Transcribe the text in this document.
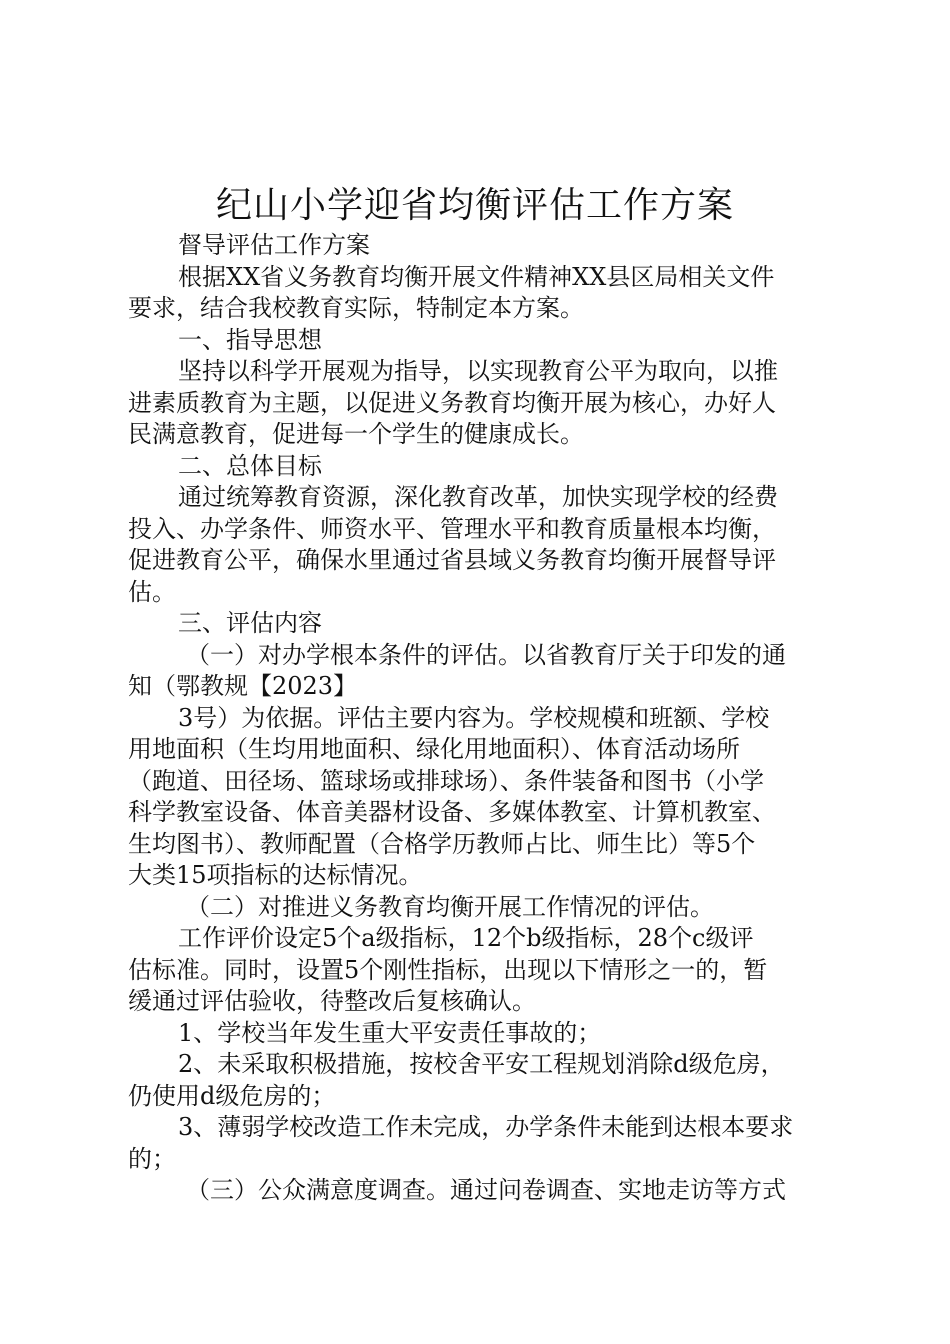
纪山小学迎省均衡评估工作方案
督导评估工作方案
根据XX省义务教育均衡开展文件精神XX县区局相关文件
要求，结合我校教育实际，特制定本方案。
一、指导思想
坚持以科学开展观为指导，以实现教育公平为取向，以推
进素质教育为主题，以促进义务教育均衡开展为核心，办好人
民满意教育，促进每一个学生的健康成长。
二、总体目标
通过统筹教育资源，深化教育改革，加快实现学校的经费
投入、办学条件、师资水平、管理水平和教育质量根本均衡，
促进教育公平，确保水里通过省县域义务教育均衡开展督导评
估。
三、评估内容
（一）对办学根本条件的评估。以省教育厅关于印发的通
知（鄂教规【2023】
3号）为依据。评估主要内容为。学校规模和班额、学校
用地面积（生均用地面积、绿化用地面积）、体育活动场所
（跑道、田径场、篮球场或排球场）、条件装备和图书（小学
科学教室设备、体音美器材设备、多媒体教室、计算机教室、
生均图书）、教师配置（合格学历教师占比、师生比）等5个
大类15项指标的达标情况。
（二）对推进义务教育均衡开展工作情况的评估。
工作评价设定5个a级指标，12个b级指标，28个c级评
估标准。同时，设置5个刚性指标，出现以下情形之一的，暂
缓通过评估验收，待整改后复核确认。
1、学校当年发生重大平安责任事故的；
2、未采取积极措施，按校舍平安工程规划消除d级危房，
仍使用d级危房的；
3、薄弱学校改造工作未完成，办学条件未能到达根本要求
的；
（三）公众满意度调查。通过问卷调查、实地走访等方式
